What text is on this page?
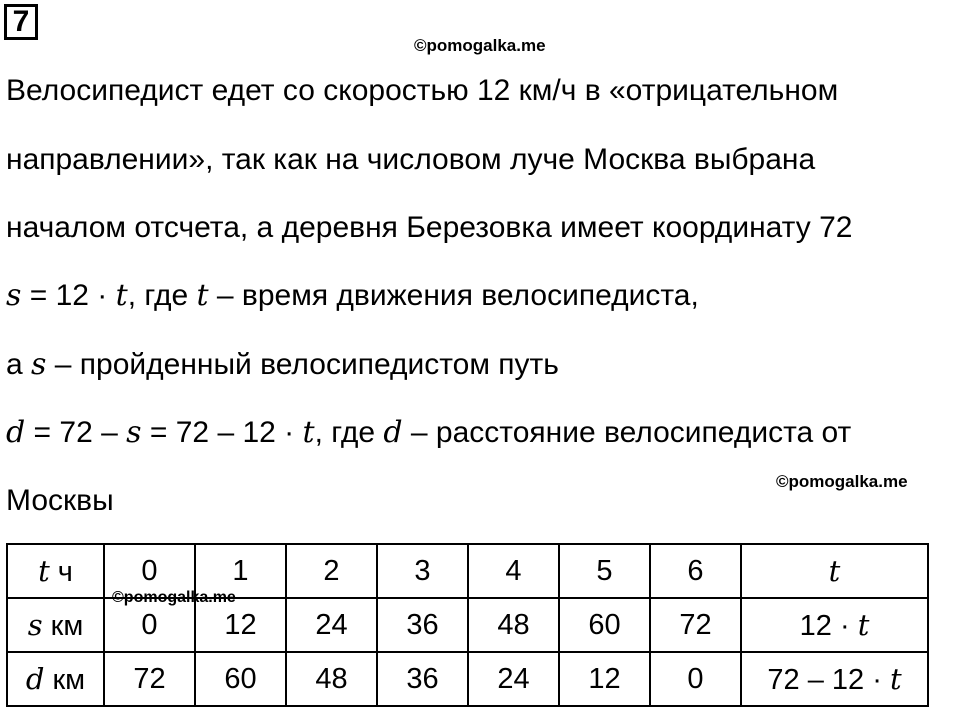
7
©pomogalka.me
©pomogalka.me
Велосипедист едет со скоростью 12 км/ч в «отрицательном
направлении», так как на числовом луче Москва выбрана
началом отсчета, а деревня Березовка имеет координату 72
s = 12 · t, где t – время движения велосипедиста,
а s – пройденный велосипедистом путь
d = 72 – s = 72 – 12 · t, где d – расстояние велосипедиста от
Москвы
t ч	0	1	2	3	4	5	6	t
s км	0	12	24	36	48	60	72	12 · t
d км	72	60	48	36	24	12	0	72 – 12 · t
©pomogalka.me
